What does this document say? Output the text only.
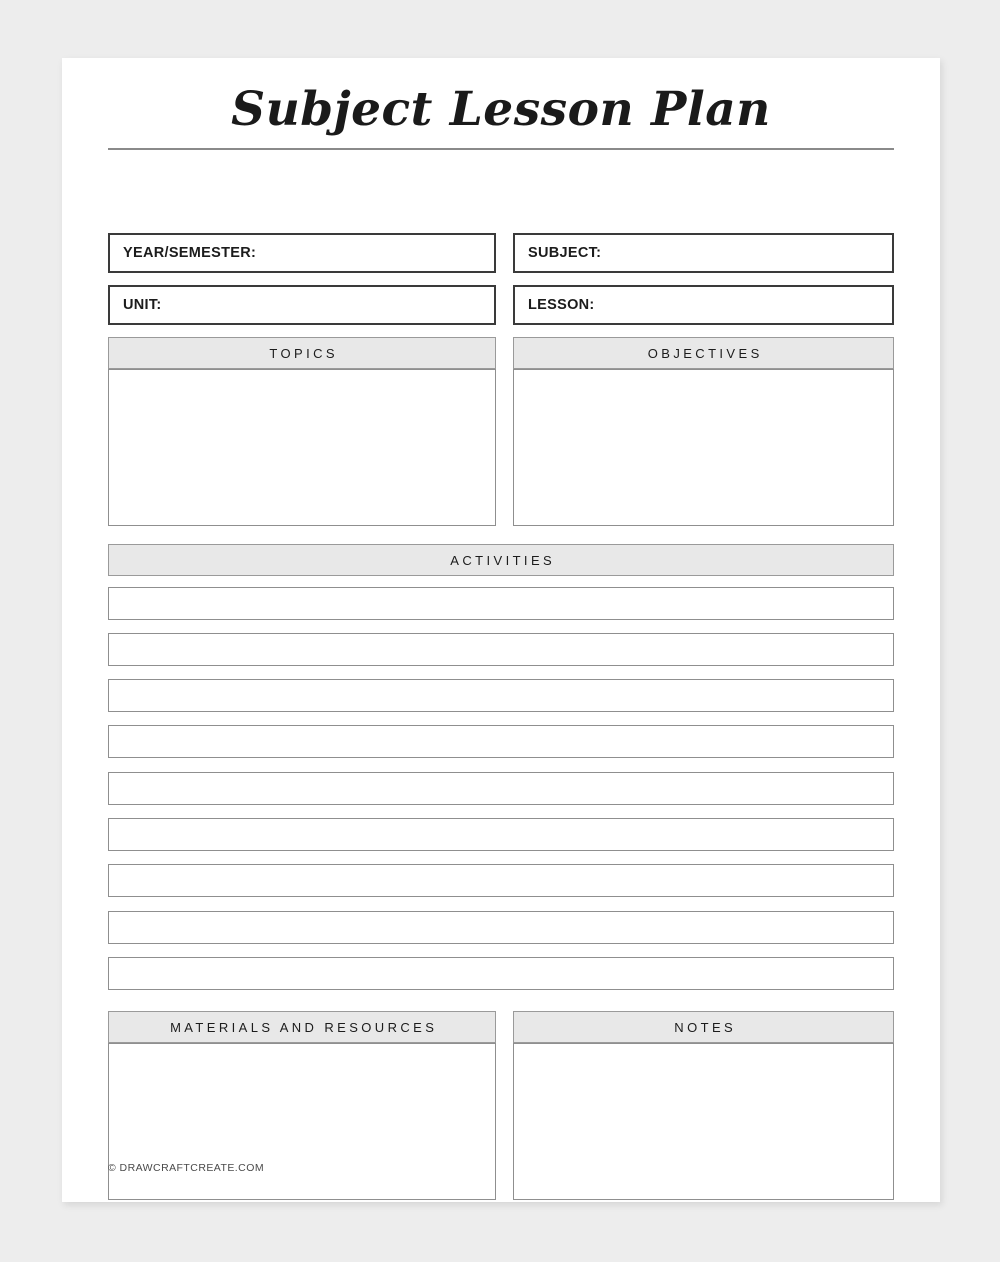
Subject Lesson Plan
YEAR/SEMESTER:	SUBJECT:
UNIT:	LESSON:
TOPICS	OBJECTIVES
ACTIVITIES
MATERIALS AND RESOURCES	NOTES
© DRAWCRAFTCREATE.COM
